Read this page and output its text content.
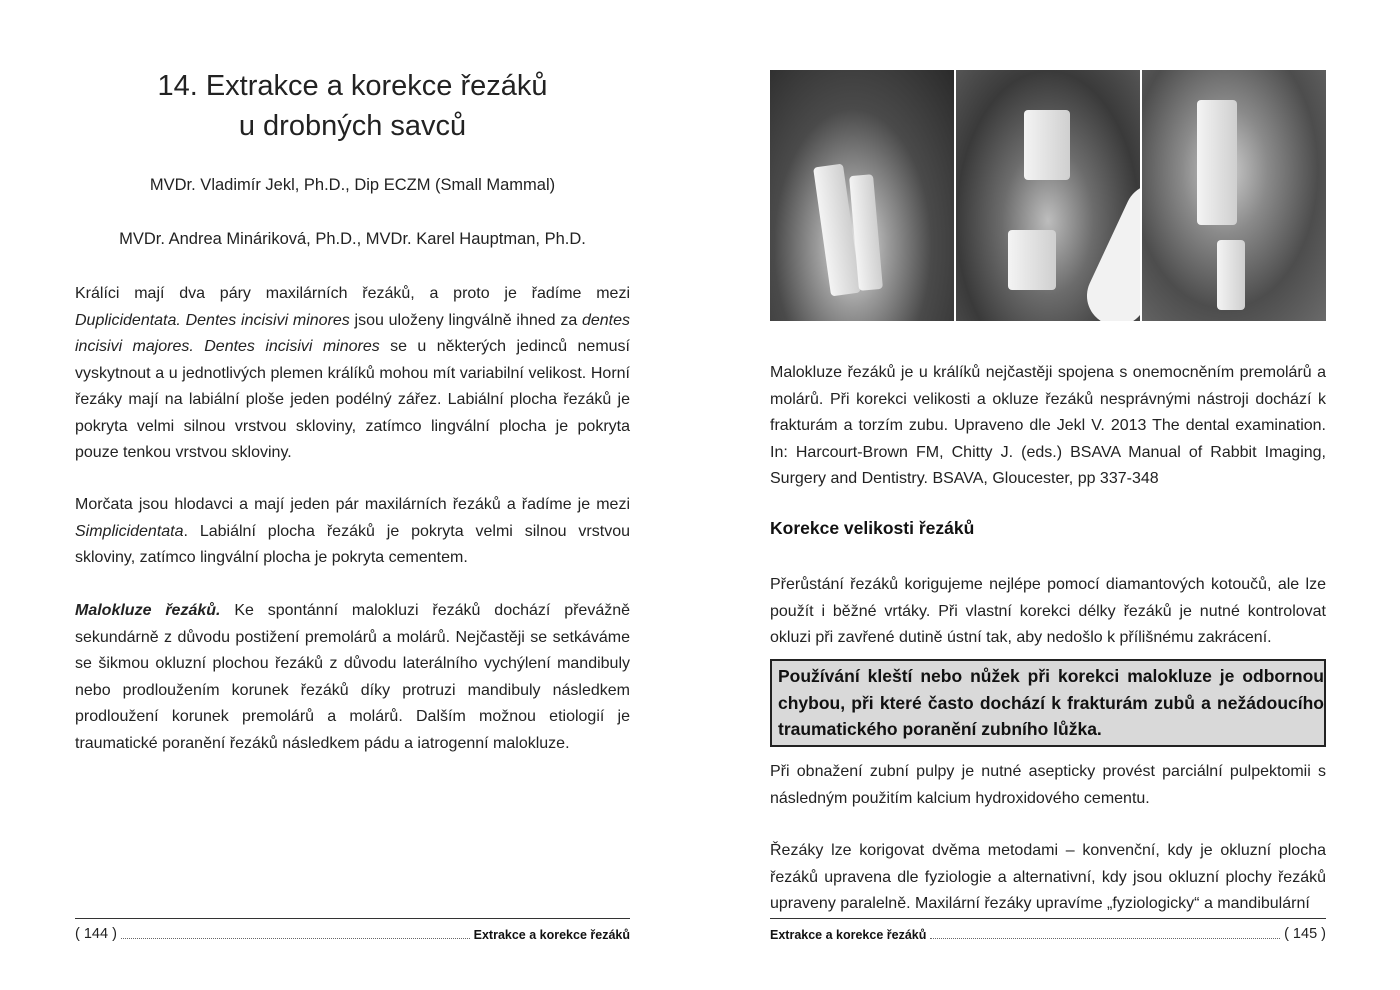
14. Extrakce a korekce řezáků
u drobných savců
MVDr. Vladimír Jekl, Ph.D., Dip ECZM (Small Mammal)
MVDr. Andrea Mináriková, Ph.D., MVDr. Karel Hauptman, Ph.D.

Králíci mají dva páry maxilárních řezáků, a proto je řadíme mezi Duplicidentata. Dentes incisivi minores jsou uloženy lingválně ihned za dentes incisivi majores. Dentes incisivi minores se u některých jedinců nemusí vyskytnout a u jednotlivých plemen králíků mohou mít variabilní velikost. Horní řezáky mají na labiální ploše jeden podélný zářez. Labiální plocha řezáků je pokryta velmi silnou vrstvou skloviny, zatímco lingvální plocha je pokryta pouze tenkou vrstvou skloviny.

Morčata jsou hlodavci a mají jeden pár maxilárních řezáků a řadíme je mezi Simplicidentata. Labiální plocha řezáků je pokryta velmi silnou vrstvou skloviny, zatímco lingvální plocha je pokryta cementem.

Malokluze řezáků. Ke spontánní malokluzi řezáků dochází převážně sekundárně z důvodu postižení premolárů a molárů. Nejčastěji se setkáváme se šikmou okluzní plochou řezáků z důvodu laterálního vychýlení mandibuly nebo prodloužením korunek řezáků díky protruzi mandibuly následkem prodloužení korunek premolárů a molárů. Dalším možnou etiologií je traumatické poranění řezáků následkem pádu a iatrogenní malokluze.

( 144 )	Extrakce a korekce řezáků

Malokluze řezáků je u králíků nejčastěji spojena s onemocněním premolárů a molárů. Při korekci velikosti a okluze řezáků nesprávnými nástroji dochází k frakturám a torzím zubu. Upraveno dle Jekl V. 2013 The dental examination. In: Harcourt-Brown FM, Chitty J. (eds.) BSAVA Manual of Rabbit Imaging, Surgery and Dentistry. BSAVA, Gloucester, pp 337-348

Korekce velikosti řezáků

Přerůstání řezáků korigujeme nejlépe pomocí diamantových kotoučů, ale lze použít i běžné vrtáky. Při vlastní korekci délky řezáků je nutné kontrolovat okluzi při zavřené dutině ústní tak, aby nedošlo k přílišnému zakrácení.

Používání kleští nebo nůžek při korekci malokluze je odbornou chybou, při které často dochází k frakturám zubů a nežádoucího traumatického poranění zubního lůžka.

Při obnažení zubní pulpy je nutné asepticky provést parciální pulpektomii s následným použitím kalcium hydroxidového cementu.

Řezáky lze korigovat dvěma metodami – konvenční, kdy je okluzní plocha řezáků upravena dle fyziologie a alternativní, kdy jsou okluzní plochy řezáků upraveny paralelně. Maxilární řezáky upravíme „fyziologicky“ a mandibulární

Extrakce a korekce řezáků	( 145 )
